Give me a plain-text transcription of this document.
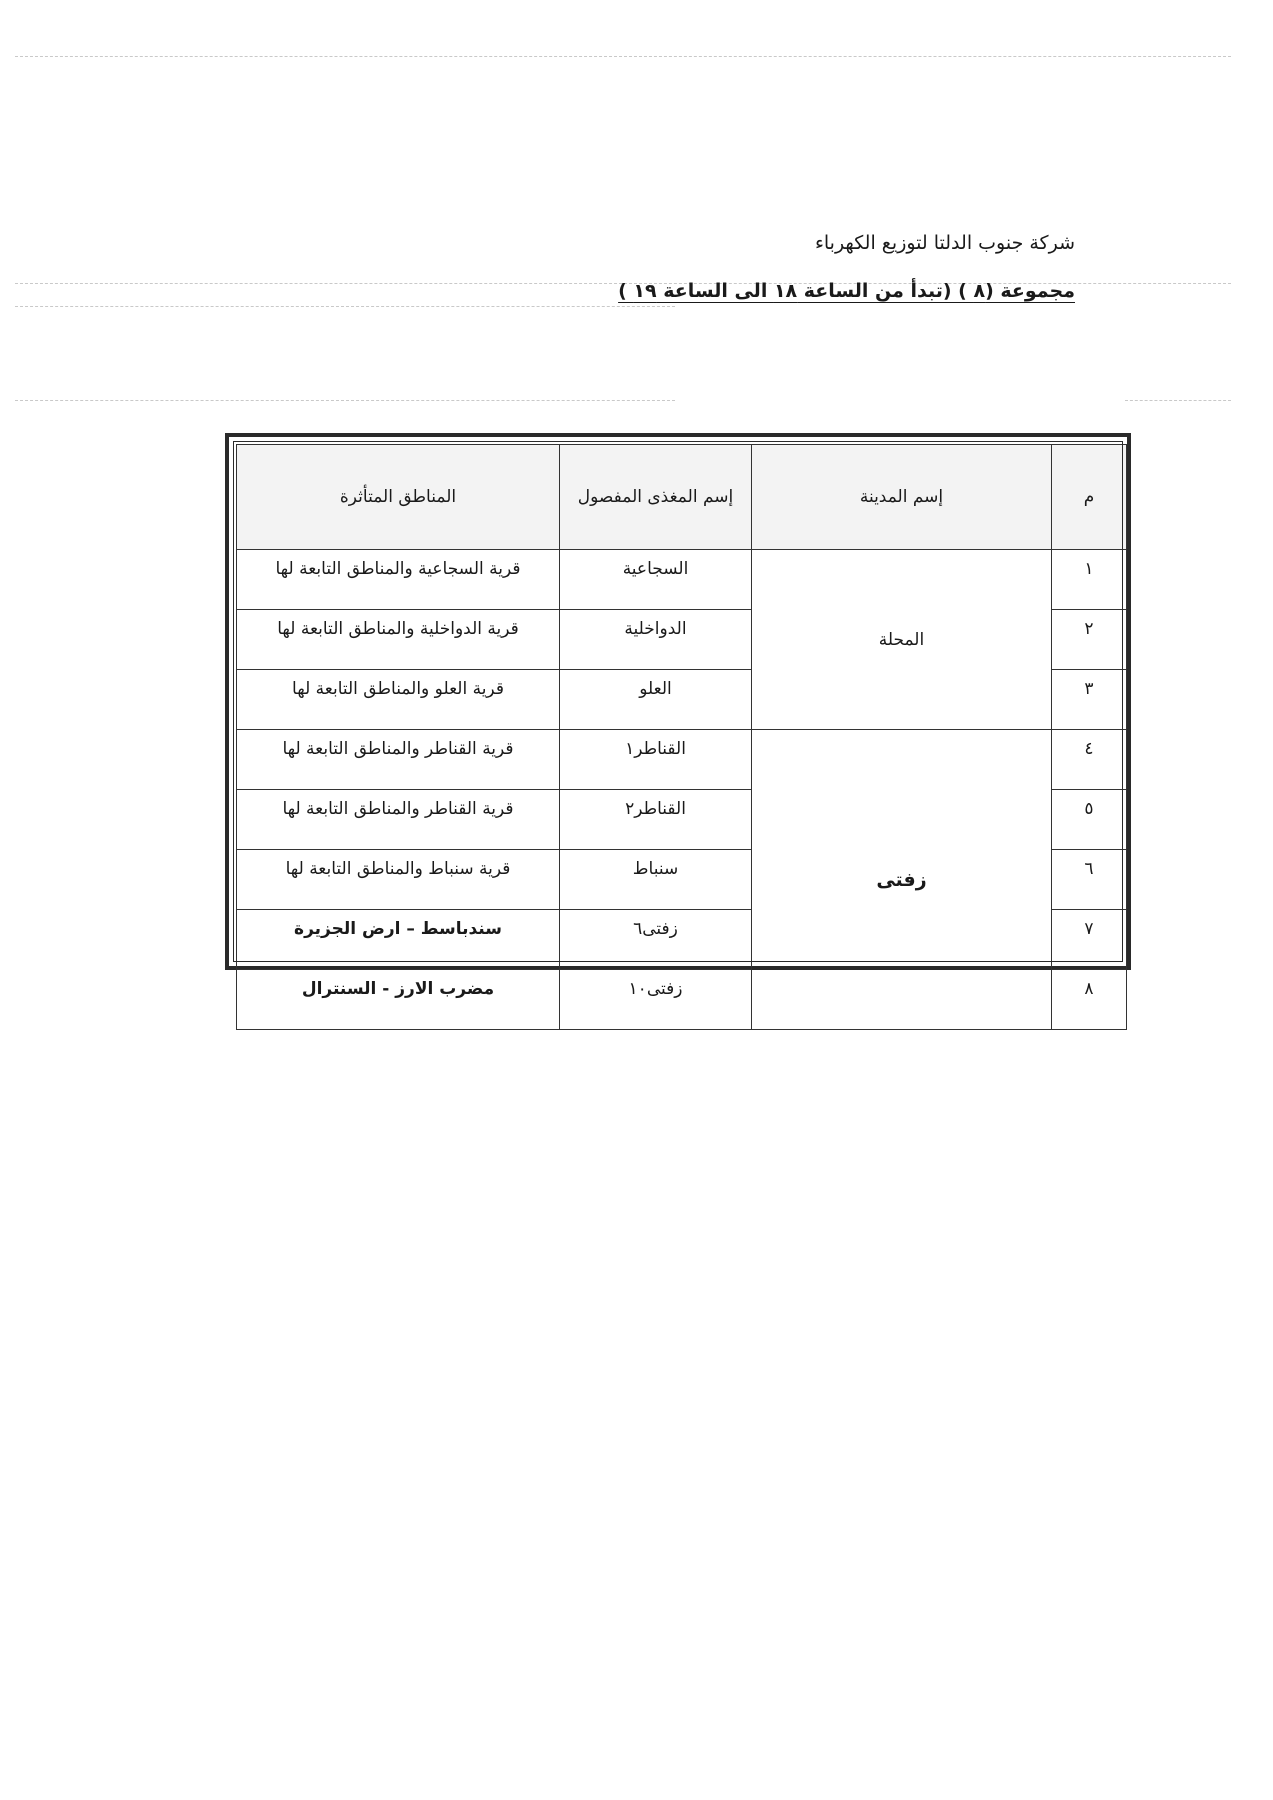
شركة جنوب الدلتا لتوزيع الكهرباء
مجموعة (٨ ) (تبدأ من الساعة ١٨ الى الساعة ١٩ )
م	إسم المدينة	إسم المغذى المفصول	المناطق المتأثرة
١	المحلة	السجاعية	قرية السجاعية والمناطق التابعة لها
٢		الدواخلية	قرية الدواخلية والمناطق التابعة لها
٣		العلو	قرية العلو والمناطق التابعة لها
٤	زفتى	القناطر١	قرية القناطر والمناطق التابعة لها
٥		القناطر٢	قرية القناطر والمناطق التابعة لها
٦		سنباط	قرية سنباط والمناطق التابعة لها
٧		زفتى٦	سندباسط – ارض الجزيرة
٨		زفتى١٠	مضرب الارز - السنترال
